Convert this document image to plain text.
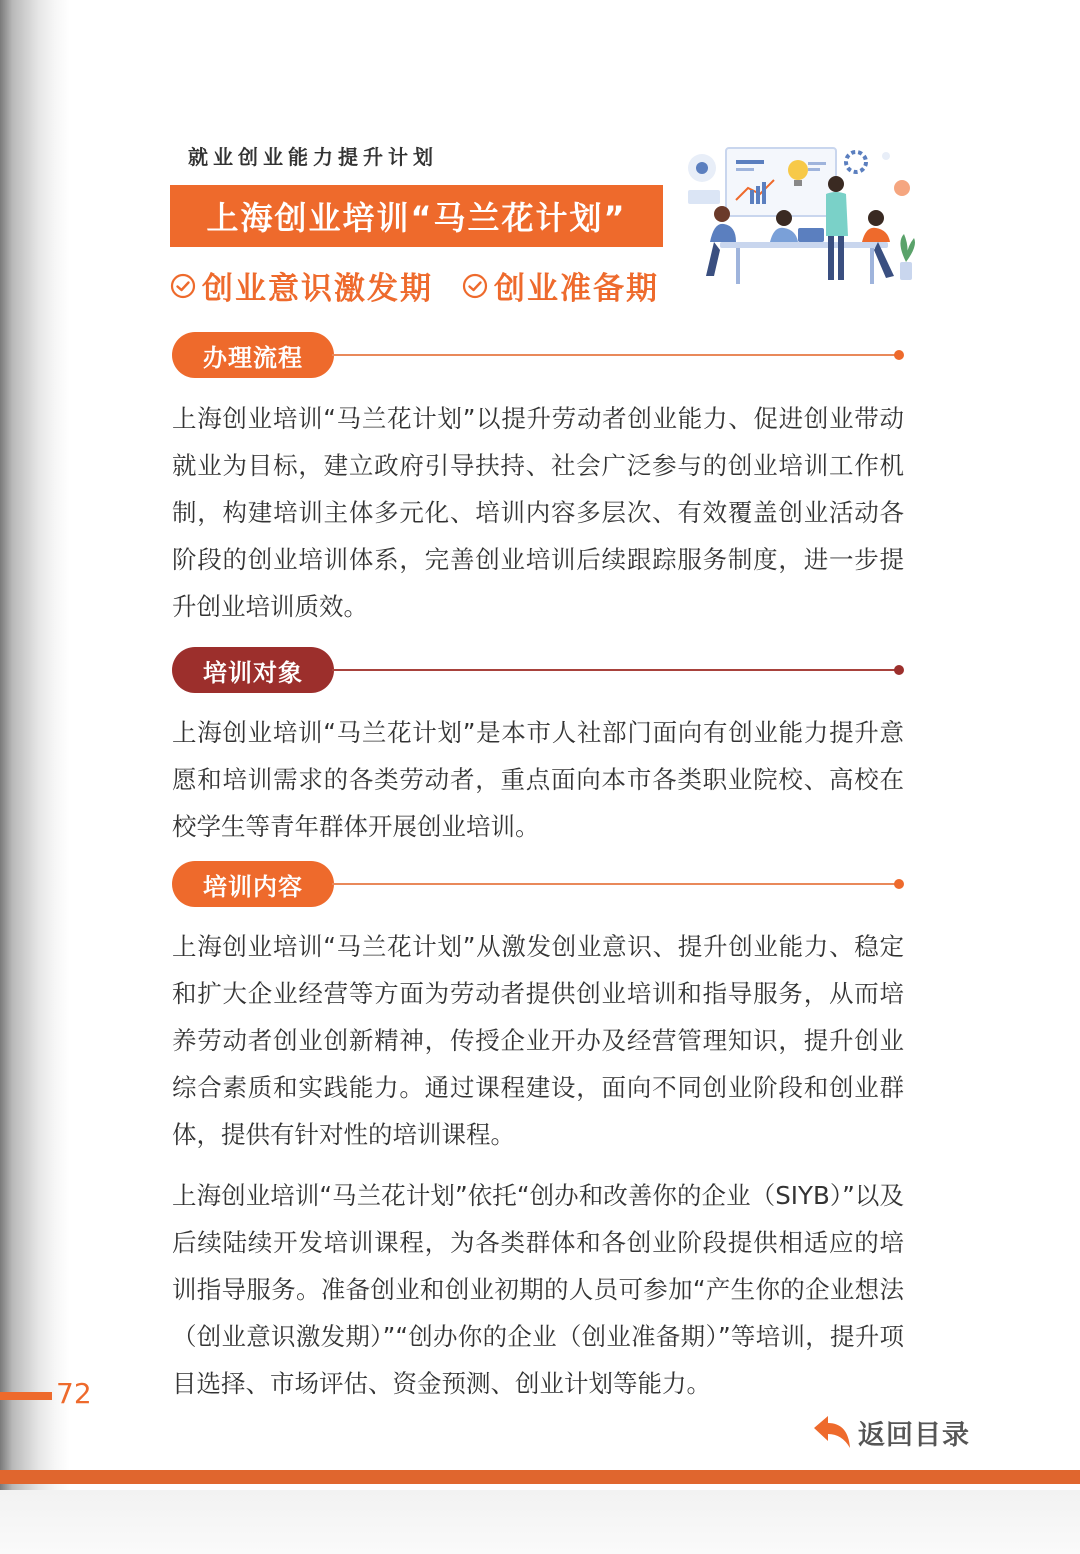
就业创业能力提升计划
上海创业培训“马兰花计划”
创业意识激发期 创业准备期
办理流程

上海创业培训“马兰花计划”以提升劳动者创业能力、促进创业带动就业为目标，建立政府引导扶持、社会广泛参与的创业培训工作机制，构建培训主体多元化、培训内容多层次、有效覆盖创业活动各阶段的创业培训体系，完善创业培训后续跟踪服务制度，进一步提升创业培训质效。

培训对象

上海创业培训“马兰花计划”是本市人社部门面向有创业能力提升意愿和培训需求的各类劳动者，重点面向本市各类职业院校、高校在校学生等青年群体开展创业培训。

培训内容

上海创业培训“马兰花计划”从激发创业意识、提升创业能力、稳定和扩大企业经营等方面为劳动者提供创业培训和指导服务，从而培养劳动者创业创新精神，传授企业开办及经营管理知识，提升创业综合素质和实践能力。通过课程建设，面向不同创业阶段和创业群体，提供有针对性的培训课程。

上海创业培训“马兰花计划”依托“创办和改善你的企业（SIYB）”以及后续陆续开发培训课程，为各类群体和各创业阶段提供相适应的培训指导服务。准备创业和创业初期的人员可参加“产生你的企业想法（创业意识激发期）”“创办你的企业（创业准备期）”等培训，提升项目选择、市场评估、资金预测、创业计划等能力。

72
返回目录
